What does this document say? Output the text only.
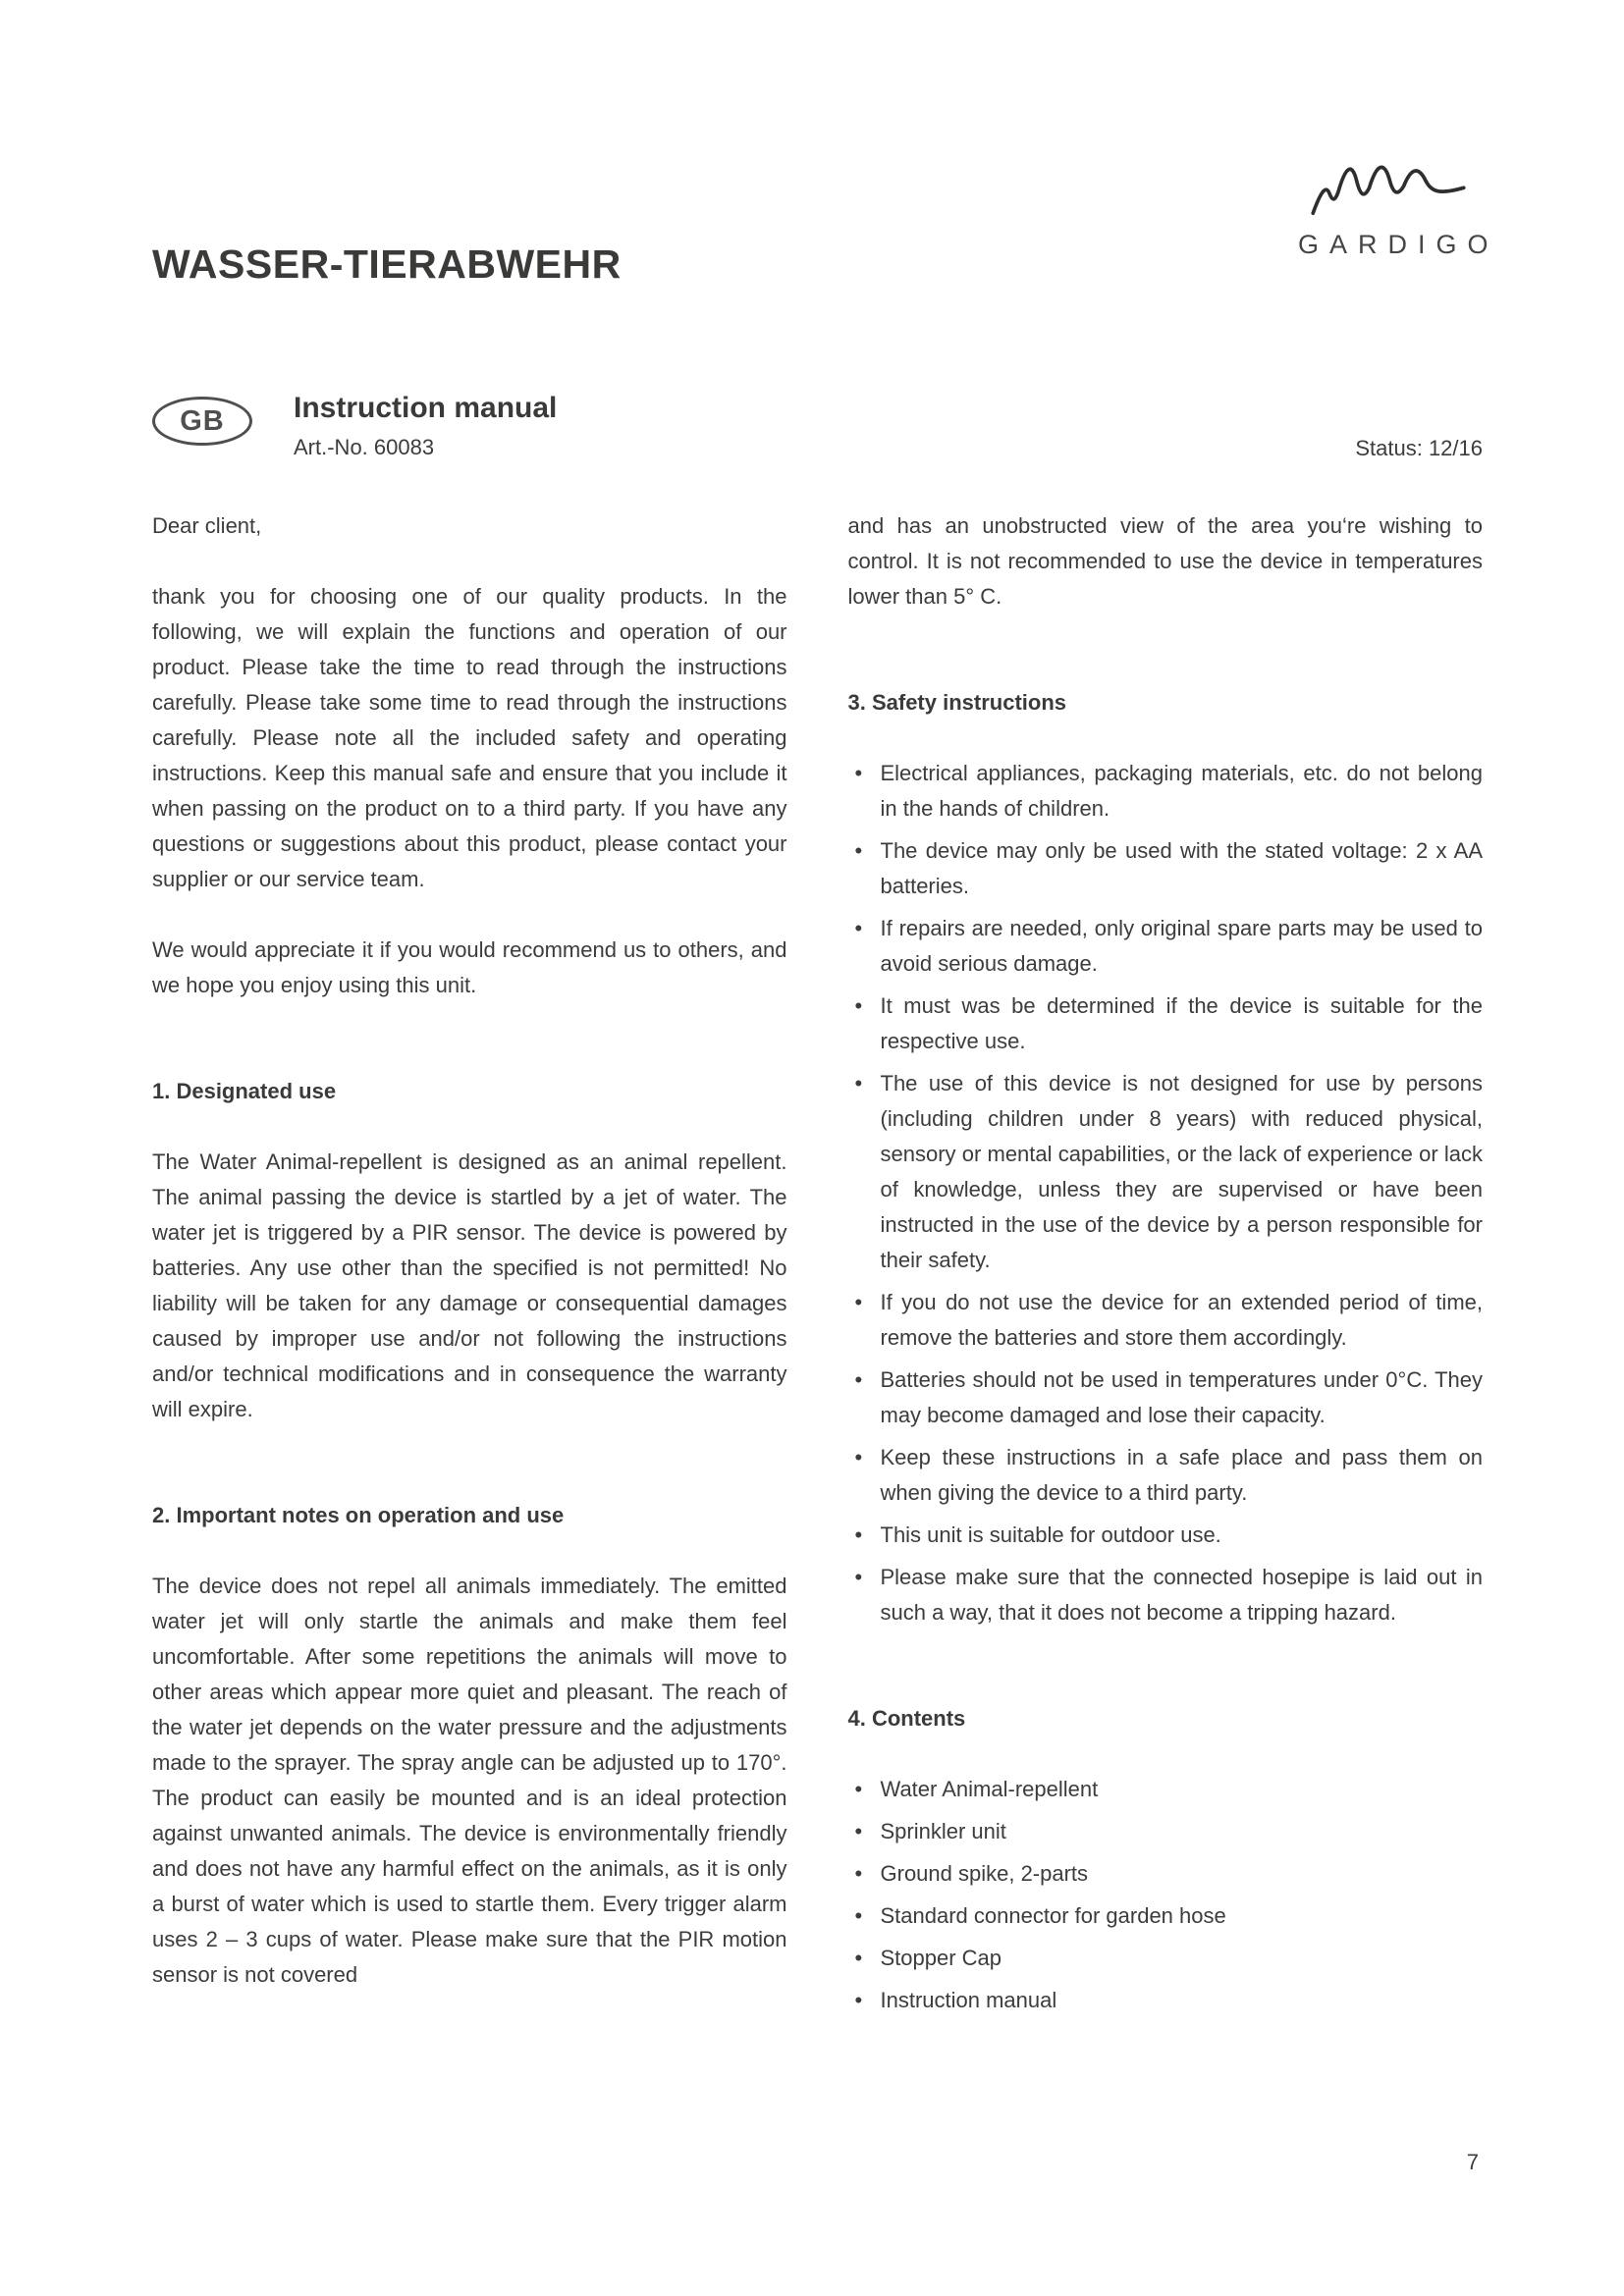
WASSER-TIERABWEHR	GARDIGO
GB Instruction manual
Art.-No. 60083	Status: 12/16

Dear client,

thank you for choosing one of our quality products. In the following, we will explain the functions and operation of our product. Please take the time to read through the instructions carefully. Please take some time to read through the instructions carefully. Please note all the included safety and operating instructions. Keep this manual safe and ensure that you include it when passing on the product on to a third party. If you have any questions or suggestions about this product, please contact your supplier or our service team.

We would appreciate it if you would recommend us to others, and we hope you enjoy using this unit.

1. Designated use

The Water Animal-repellent is designed as an animal repellent. The animal passing the device is startled by a jet of water. The water jet is triggered by a PIR sensor. The device is powered by batteries. Any use other than the specified is not permitted! No liability will be taken for any damage or consequential damages caused by improper use and/or not following the instructions and/or technical modifications and in consequence the warranty will expire.

2. Important notes on operation and use

The device does not repel all animals immediately. The emitted water jet will only startle the animals and make them feel uncomfortable. After some repetitions the animals will move to other areas which appear more quiet and pleasant. The reach of the water jet depends on the water pressure and the adjustments made to the sprayer. The spray angle can be adjusted up to 170°. The product can easily be mounted and is an ideal protection against unwanted animals. The device is environmentally friendly and does not have any harmful effect on the animals, as it is only a burst of water which is used to startle them. Every trigger alarm uses 2 – 3 cups of water. Please make sure that the PIR motion sensor is not covered

and has an unobstructed view of the area you‘re wishing to control. It is not recommended to use the device in temperatures lower than 5° C.

3. Safety instructions
• Electrical appliances, packaging materials, etc. do not belong in the hands of children.
• The device may only be used with the stated voltage: 2 x AA batteries.
• If repairs are needed, only original spare parts may be used to avoid serious damage.
• It must was be determined if the device is suitable for the respective use.
• The use of this device is not designed for use by persons (including children under 8 years) with reduced physical, sensory or mental capabilities, or the lack of experience or lack of knowledge, unless they are supervised or have been instructed in the use of the device by a person responsible for their safety.
• If you do not use the device for an extended period of time, remove the batteries and store them accordingly.
• Batteries should not be used in temperatures under 0°C. They may become damaged and lose their capacity.
• Keep these instructions in a safe place and pass them on when giving the device to a third party.
• This unit is suitable for outdoor use.
• Please make sure that the connected hosepipe is laid out in such a way, that it does not become a tripping hazard.
4. Contents
• Water Animal-repellent
• Sprinkler unit
• Ground spike, 2-parts
• Standard connector for garden hose
• Stopper Cap
• Instruction manual
7
